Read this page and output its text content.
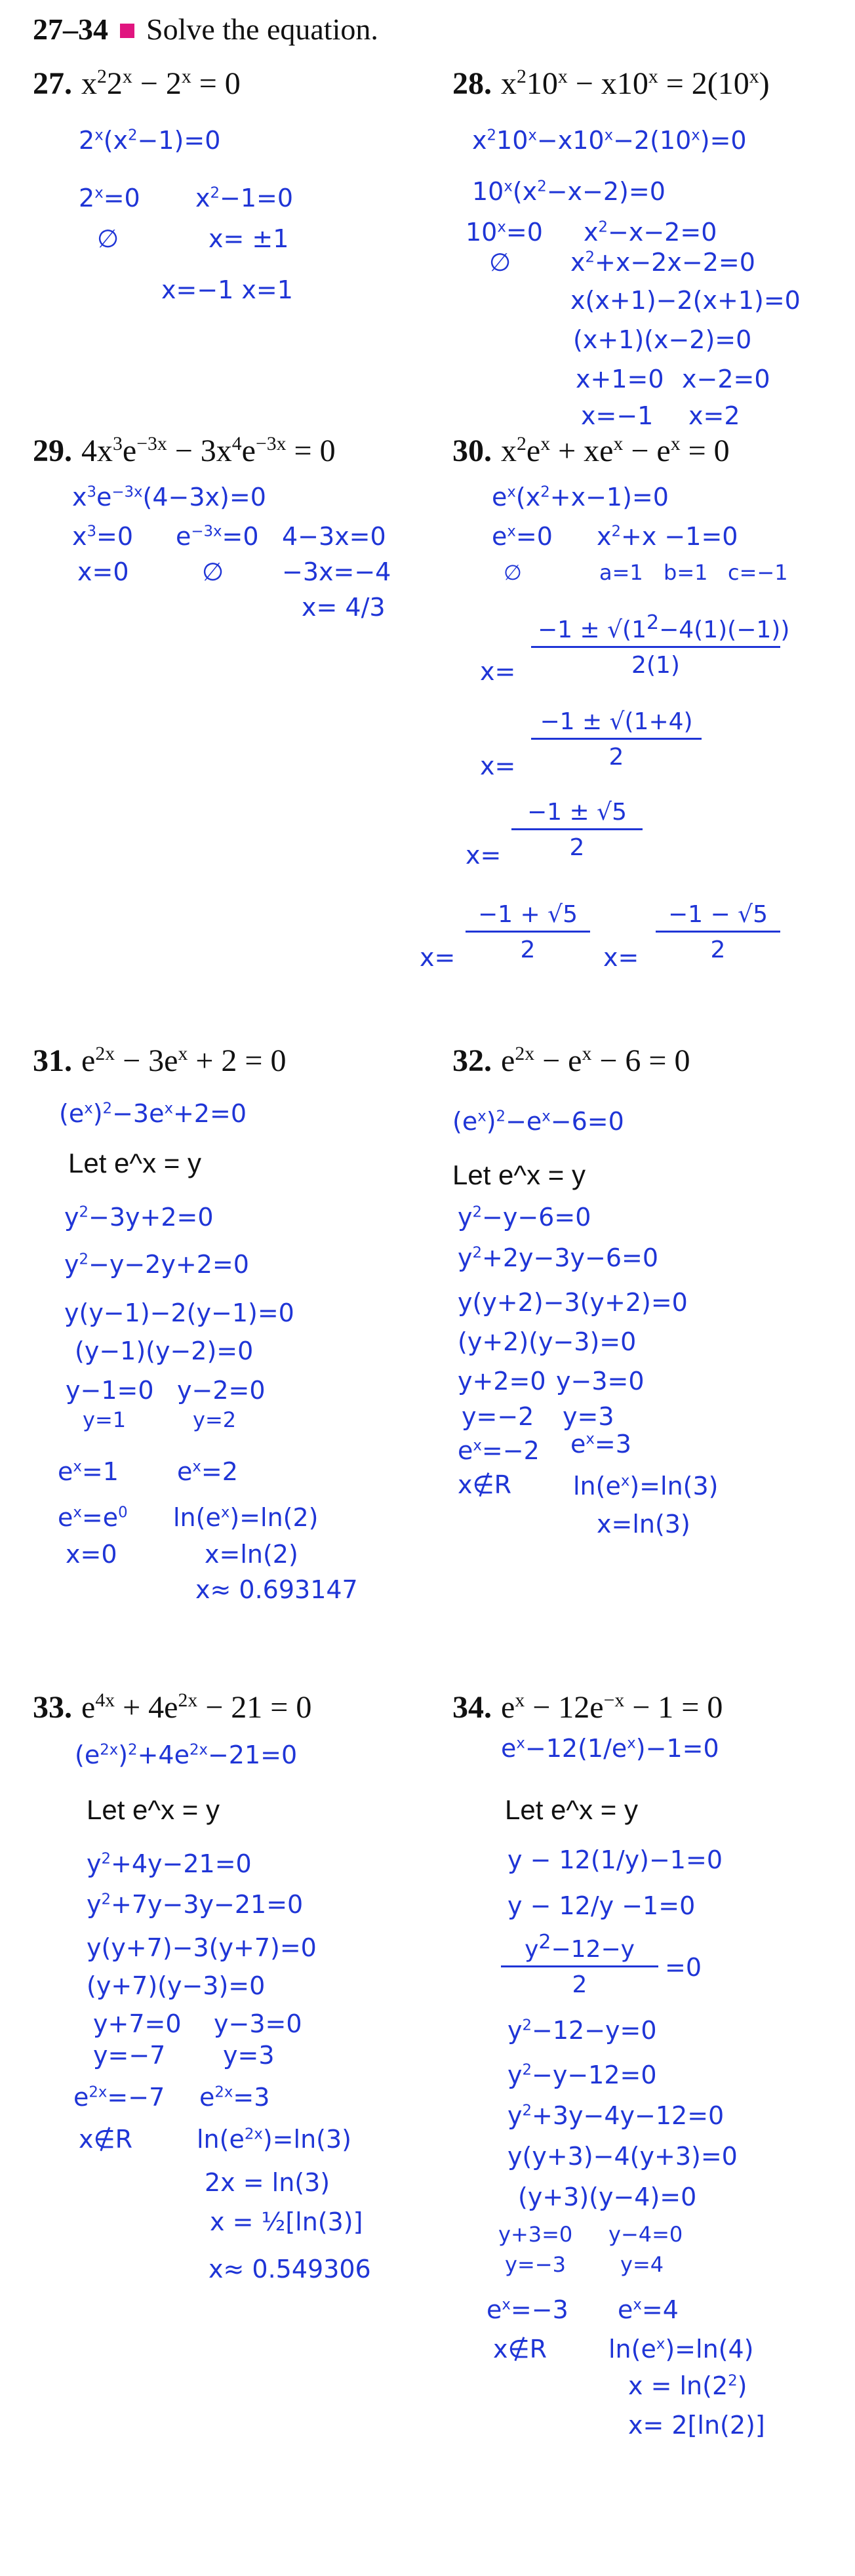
27–34 Solve the equation.
27. $x^22^x - 2^x = 0$
$2^x(x^2-1)=0$
$2^x=0$ $x^2-1=0$
∅	x= ±1
x=−1 x=1
28. $x^210^x - x10^x = 2(10^x)$
$x^210^x-x10^x-2(10^x)=0$
$10^x(x^2-x-2)=0$
$10^x=0$ $x^2-x-2=0$
∅ $x^2+x-2x-2=0$
x(x+1)−2(x+1)=0
(x+1)(x−2)=0
x+1=0 x−2=0
x=−1 x=2
29. $4x^3e^{-3x} - 3x^4e^{-3x} = 0$
$x^3e^{-3x}(4-3x)=0$
$x^3=0$ $e^{-3x}=0$ 4−3x=0
x=0	∅ −3x=−4
x= 4/3
30. $x^2e^x + xe^x - e^x = 0$
$e^x(x^2+x-1)=0$
$e^x=0$ $x^2+x -1=0$
∅	a=1 b=1 c=−1
$x= \frac{-1 \pm √(1^2-4(1)(-1))}{2(1)}$
$x= \frac{-1 \pm √(1+4)}{2}$
$x= \frac{-1 \pm √5}{2}$
$x= \frac{-1 + √5}{2} x= \frac{-1 - √5}{2}$
31. $e^{2x} - 3e^x + 2 = 0$
$(e^x)^2-3e^x+2=0$
Let e^x = y
$y^2-3y+2=0$
$y^2-y-2y+2=0$
y(y−1)−2(y−1)=0
(y−1)(y−2)=0
y−1=0 y−2=0
y=1	y=2
$e^x=1$ $e^x=2$
$e^x=e^0$ $\ln(e^x)=\ln(2)$
x=0	x=ln(2)
x≈ 0.693147
32. $e^{2x} - e^x - 6 = 0$
$(e^x)^2-e^x-6=0$
Let e^x = y
$y^2-y-6=0$
$y^2+2y-3y-6=0$
y(y+2)−3(y+2)=0
(y+2)(y−3)=0
y+2=0 y−3=0
y=−2 y=3
$e^x=-2$ $e^x=3$
x∉R $\ln(e^x)=\ln(3)$
x=ln(3)
33. $e^{4x} + 4e^{2x} - 21 = 0$
$(e^{2x})^2+4e^{2x}-21=0$
Let e^x = y
$y^2+4y-21=0$
$y^2+7y-3y-21=0$
y(y+7)−3(y+7)=0
(y+7)(y−3)=0
y+7=0 y−3=0
y=−7 y=3
$e^{2x}=-7$ $e^{2x}=3$
x∉R	$\ln(e^{2x})=\ln(3)$
2x = ln(3)
x = ½[ln(3)]
x≈ 0.549306
34. $e^x - 12e^{-x} - 1 = 0$
$e^x-12(1/e^x)-1=0$
Let e^x = y
y − 12(1/y)−1=0
y − 12/y −1=0
$\frac{y^2-12-y}{2} =0$
$y^2-12-y=0$
$y^2-y-12=0$
$y^2+3y-4y-12=0$
y(y+3)−4(y+3)=0
(y+3)(y−4)=0
y+3=0 y−4=0
y=−3	y=4
$e^x=-3$ $e^x=4$
x∉R $\ln(e^x)=\ln(4)$
$x = \ln(2^2)$
x= 2[ln(2)]
